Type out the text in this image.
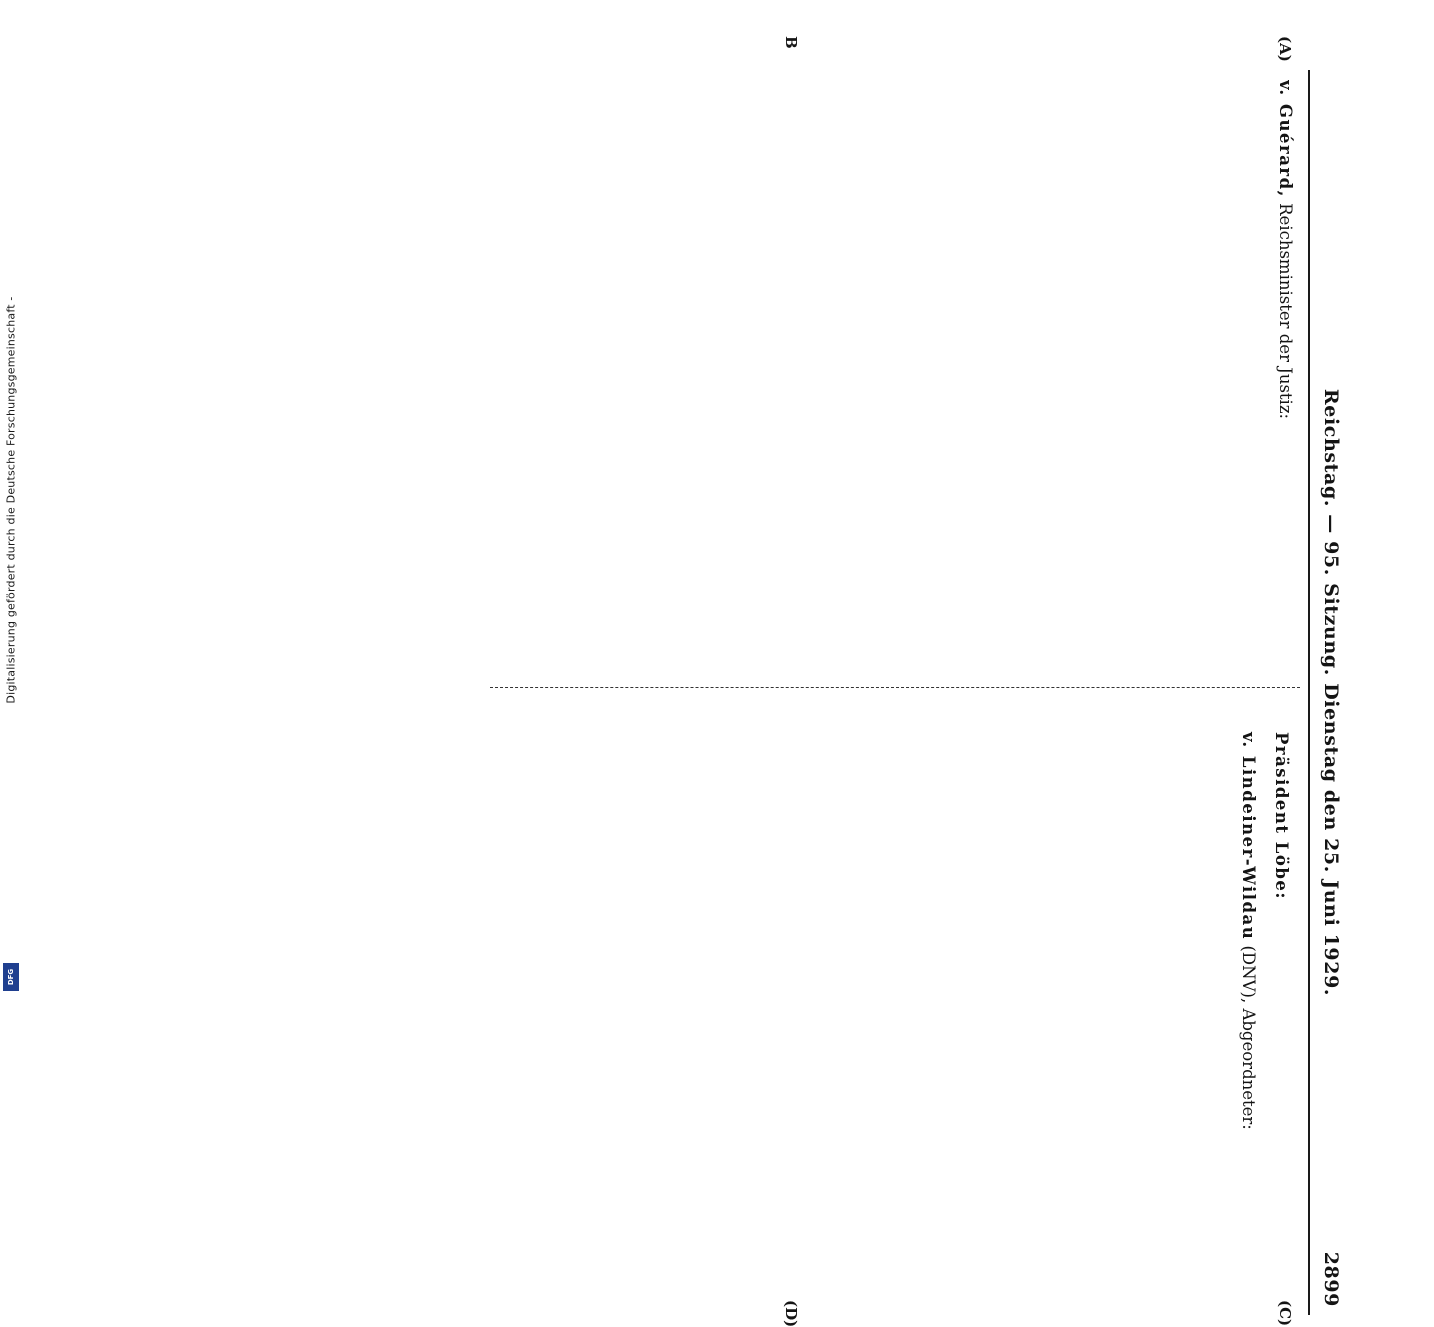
Digitalisierung gefördert durch die Deutsche Forschungsgemeinschaft -
DFG	Reichstag. — 95. Sitzung. Dienstag den 25. Juni 1929.
2899
(A)
B
(C)
(D)

v. Guérard, Reichsminister der Justiz:

Präsident Löbe:

v. Lindeiner-Wildau (DNV), Abgeordneter:
